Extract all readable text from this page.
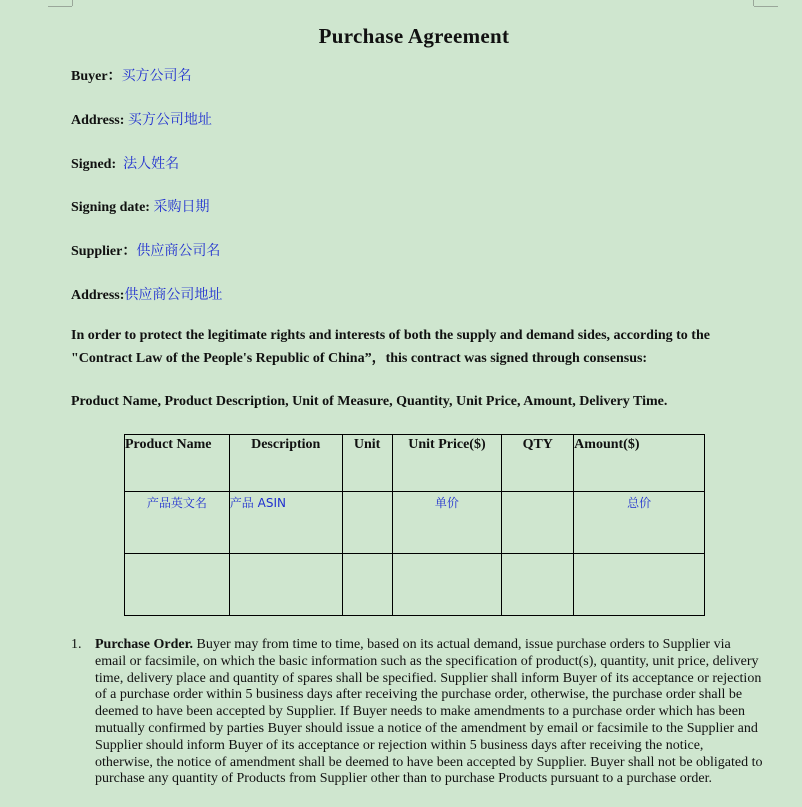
Purchase Agreement
Buyer：买方公司名
Address: 买方公司地址
Signed:  法人姓名
Signing date: 采购日期
Supplier：供应商公司名
Address:供应商公司地址
In order to protect the legitimate rights and interests of both the supply and demand sides, according to the "Contract Law of the People's Republic of China”，this contract was signed through consensus:
Product Name, Product Description, Unit of Measure, Quantity, Unit Price, Amount, Delivery Time.
Product Name	Description	Unit	Unit Price($)	QTY	Amount($)
产品英文名	产品 ASIN		单价		总价

1. Purchase Order. Buyer may from time to time, based on its actual demand, issue purchase orders to Supplier via email or facsimile, on which the basic information such as the specification of product(s), quantity, unit price, delivery time, delivery place and quantity of spares shall be specified. Supplier shall inform Buyer of its acceptance or rejection of a purchase order within 5 business days after receiving the purchase order, otherwise, the purchase order shall be deemed to have been accepted by Supplier. If Buyer needs to make amendments to a purchase order which has been mutually confirmed by parties Buyer should issue a notice of the amendment by email or facsimile to the Supplier and Supplier should inform Buyer of its acceptance or rejection within 5 business days after receiving the notice, otherwise, the notice of amendment shall be deemed to have been accepted by Supplier. Buyer shall not be obligated to purchase any quantity of Products from Supplier other than to purchase Products pursuant to a purchase order.
